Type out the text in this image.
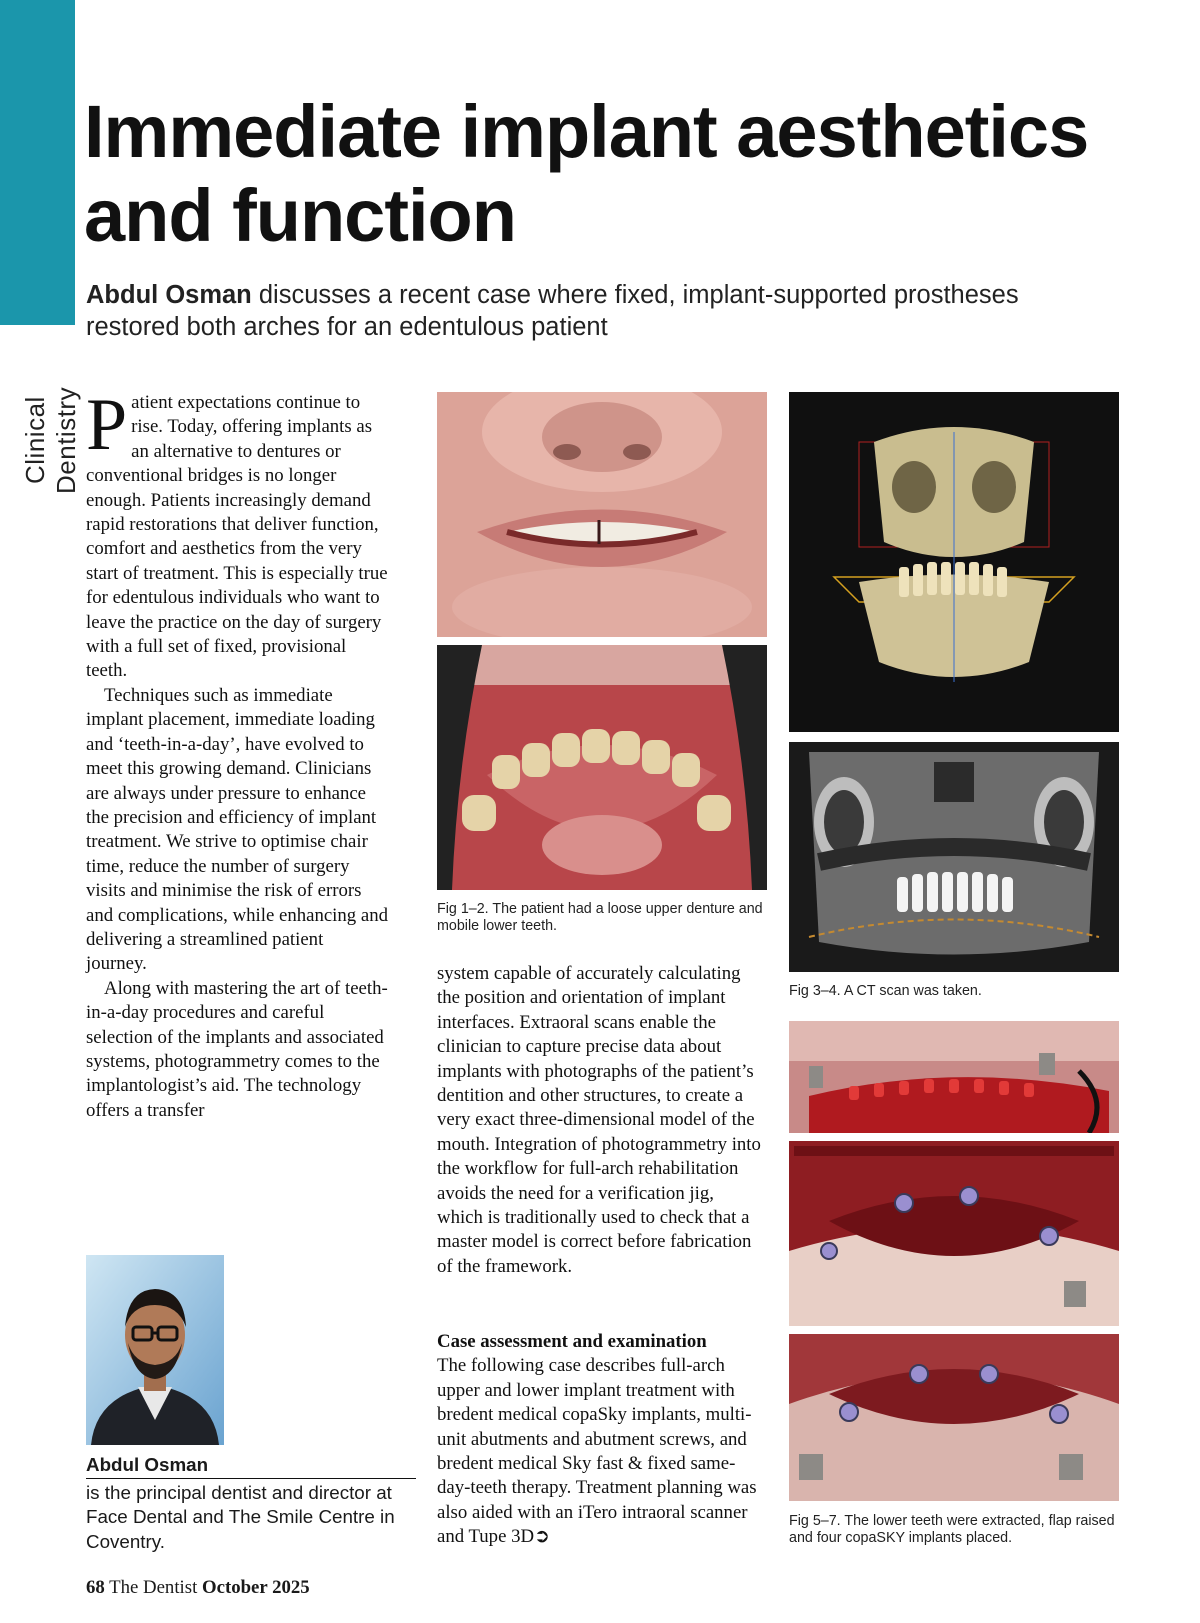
Clinical Dentistry
Immediate implant aesthetics and function

Abdul Osman discusses a recent case where fixed, implant-supported prostheses restored both arches for an edentulous patient

Patient expectations continue to rise. Today, offering implants as an alternative to dentures or conventional bridges is no longer enough. Patients increasingly demand rapid restorations that deliver function, comfort and aesthetics from the very start of treatment. This is especially true for edentulous individuals who want to leave the practice on the day of surgery with a full set of fixed, provisional teeth.

Techniques such as immediate implant placement, immediate loading and ‘teeth-in-a-day’, have evolved to meet this growing demand. Clinicians are always under pressure to enhance the precision and efficiency of implant treatment. We strive to optimise chair time, reduce the number of surgery visits and minimise the risk of errors and complications, while enhancing and delivering a streamlined patient journey.

Along with mastering the art of teeth-in-a-day procedures and careful selection of the implants and associated systems, photogrammetry comes to the implantologist’s aid. The technology offers a transfer

Fig 1–2. The patient had a loose upper denture and mobile lower teeth.

system capable of accurately calculating the position and orientation of implant interfaces. Extraoral scans enable the clinician to capture precise data about implants with photographs of the patient’s dentition and other structures, to create a very exact three-dimensional model of the mouth. Integration of photogrammetry into the workflow for full-arch rehabilitation avoids the need for a verification jig, which is traditionally used to check that a master model is correct before fabrication of the framework.

Case assessment and examination

The following case describes full-arch upper and lower implant treatment with bredent medical copaSky implants, multi-unit abutments and abutment screws, and bredent medical Sky fast & fixed same-day-teeth therapy. Treatment planning was also aided with an iTero intraoral scanner and Tupe 3D➲

Fig 3–4. A CT scan was taken.
Fig 5–7. The lower teeth were extracted, flap raised and four copaSKY implants placed.
Abdul Osman
is the principal dentist and director at Face Dental and The Smile Centre in Coventry.
68 The Dentist October 2025
